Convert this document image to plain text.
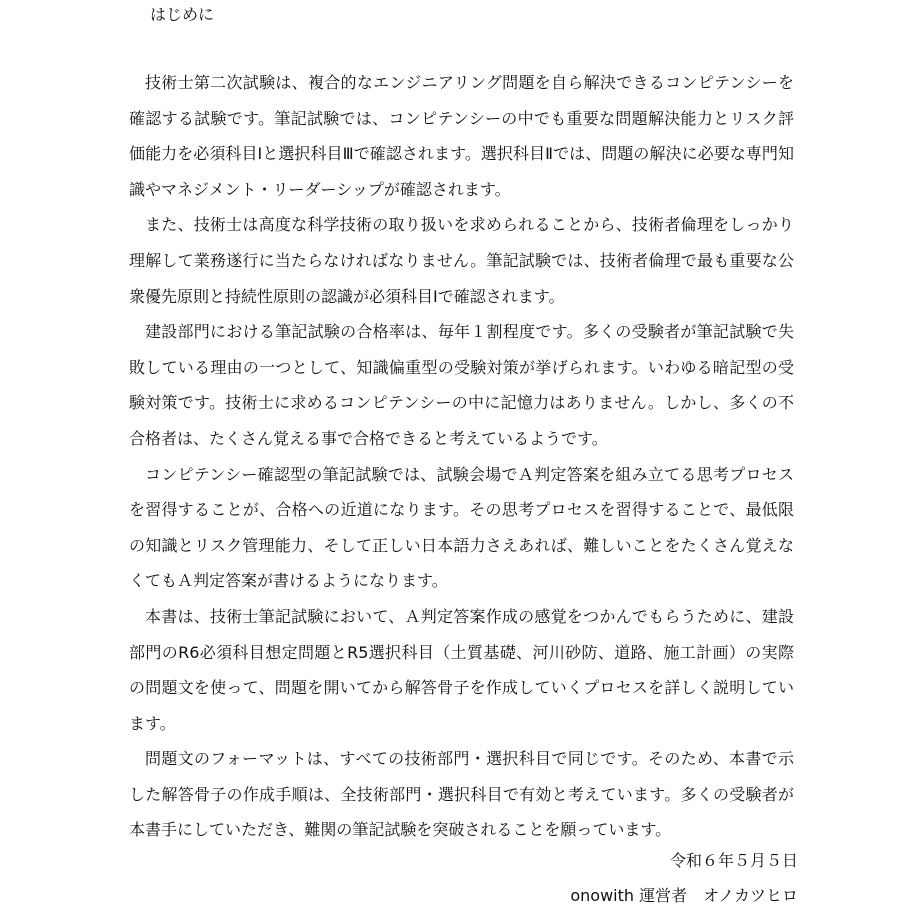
はじめに

技術士第二次試験は、複合的なエンジニアリング問題を自ら解決できるコンピテンシーを確認する試験です。筆記試験では、コンピテンシーの中でも重要な問題解決能力とリスク評価能力を必須科目Ⅰと選択科目Ⅲで確認されます。選択科目Ⅱでは、問題の解決に必要な専門知識やマネジメント・リーダーシップが確認されます。

また、技術士は高度な科学技術の取り扱いを求められることから、技術者倫理をしっかり理解して業務遂行に当たらなければなりません。筆記試験では、技術者倫理で最も重要な公衆優先原則と持続性原則の認識が必須科目Ⅰで確認されます。

建設部門における筆記試験の合格率は、毎年１割程度です。多くの受験者が筆記試験で失敗している理由の一つとして、知識偏重型の受験対策が挙げられます。いわゆる暗記型の受験対策です。技術士に求めるコンピテンシーの中に記憶力はありません。しかし、多くの不合格者は、たくさん覚える事で合格できると考えているようです。

コンピテンシー確認型の筆記試験では、試験会場でＡ判定答案を組み立てる思考プロセスを習得することが、合格への近道になります。その思考プロセスを習得することで、最低限の知識とリスク管理能力、そして正しい日本語力さえあれば、難しいことをたくさん覚えなくてもＡ判定答案が書けるようになります。

本書は、技術士筆記試験において、Ａ判定答案作成の感覚をつかんでもらうために、建設部門のR6必須科目想定問題とR5選択科目（土質基礎、河川砂防、道路、施工計画）の実際の問題文を使って、問題を開いてから解答骨子を作成していくプロセスを詳しく説明しています。

問題文のフォーマットは、すべての技術部門・選択科目で同じです。そのため、本書で示した解答骨子の作成手順は、全技術部門・選択科目で有効と考えています。多くの受験者が本書手にしていただき、難関の筆記試験を突破されることを願っています。

令和６年５月５日

onowith 運営者　オノカツヒロ
